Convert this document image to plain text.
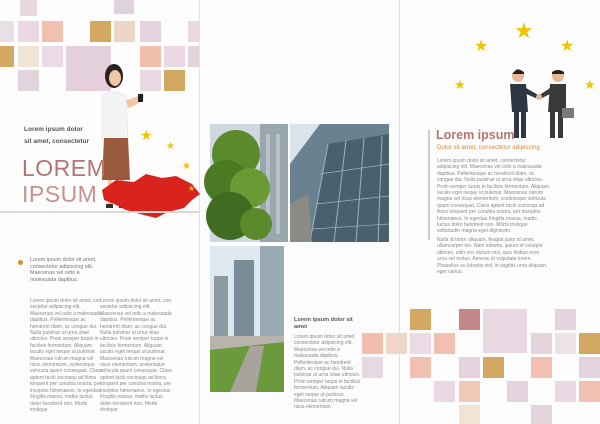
★
★
★
★

Lorem ipsum dolor

sit amet, consectetur

LOREM

IPSUM

Lorem ipsum dolor sit amet, consectetur adipiscing elit. Maecenas vel odio a malesuada dapibus.

Lorem ipsum dolor sit amet, con sectetur adipiscing elit. Maecenas vel odio a malesuada dapibus. Pellentesque ac hendrerit diam, ac congue dui. Nulla pulvinar ut urna vitae ultricies. Proin semper turpis in facilisis fermentum. Aliquam iaculis eget neque ut pulvinar. Maecenas rutrum magna vel risus elementum, scelerisque vehicula quam consequat. Class aptent taciti sociosqu ad litora torquent per conubia nostra, per inceptos himenaeos. In egestas fringilla massa, mattis luctus dolor hendrerit non. Morbi tristique

Lorem ipsum dolor sit amet, con sectetur adipiscing elit. Maecenas vel odio a malesuada dapibus. Pellentesque ac hendrerit diam, ac congue dui. Nulla pulvinar ut urna vitae ultricies. Proin semper turpis in facilisis fermentum. Aliquam iaculis eget neque ut pulvinar. Maecenas rutrum magna vel risus elementum, scelerisque vehicula quam consequat. Class aptent taciti sociosqu ad litora torquent per conubia nostra, per inceptos himenaeos. In egestas fringilla massa, mattis luctus dolor hendrerit non. Morbi tristique

Lorem ipsum dolor sit amet

Lorem ipsum dolor sit amet, consectetur adipiscing elit. Maecenas vel odio a malesuada dapibus. Pellentesque ac hendrerit diam, ac congue dui. Nulla pulvinar ut urna vitae ultricies. Proin semper turpis in facilisis fermentum. Aliquam iaculis eget neque ut pulvinar. Maecenas rutrum magna vel risus elementum.

★
★	★
★	★

Lorem ipsum

Dolor sit amet, consectetur adipiscing

Lorem ipsum dolor sit amet, consectetur adipiscing elit. Maecenas vel odio a malesuada dapibus. Pellentesque ac hendrerit diam, ac congue dui. Nulla pulvinar ut urna vitae ultricies. Proin semper turpis in facilisis fermentum. Aliquam iaculis eget neque ut pulvinar. Maecenas rutrum magna vel risus elementum, scelerisque vehicula quam consequat. Class aptent taciti sociosqu ad litora torquent per conubia nostra, per inceptos himenaeos. In egestas fringilla massa, mattis luctus dolor hendrerit non. Morbi tristique sollicitudin magna eget dignissim.

Nulla id tortor aliquam, feugiat justo id amet, ullamcorper leo. Nam lobortis, ipsum et volutpat ultrices, nibh orci dictum orci, quis finibus eros urna vel metus. Aenean id vulputate lorem. Phasellus eu lobortis nisl, in sagittis urna aliquam, eget varius.
